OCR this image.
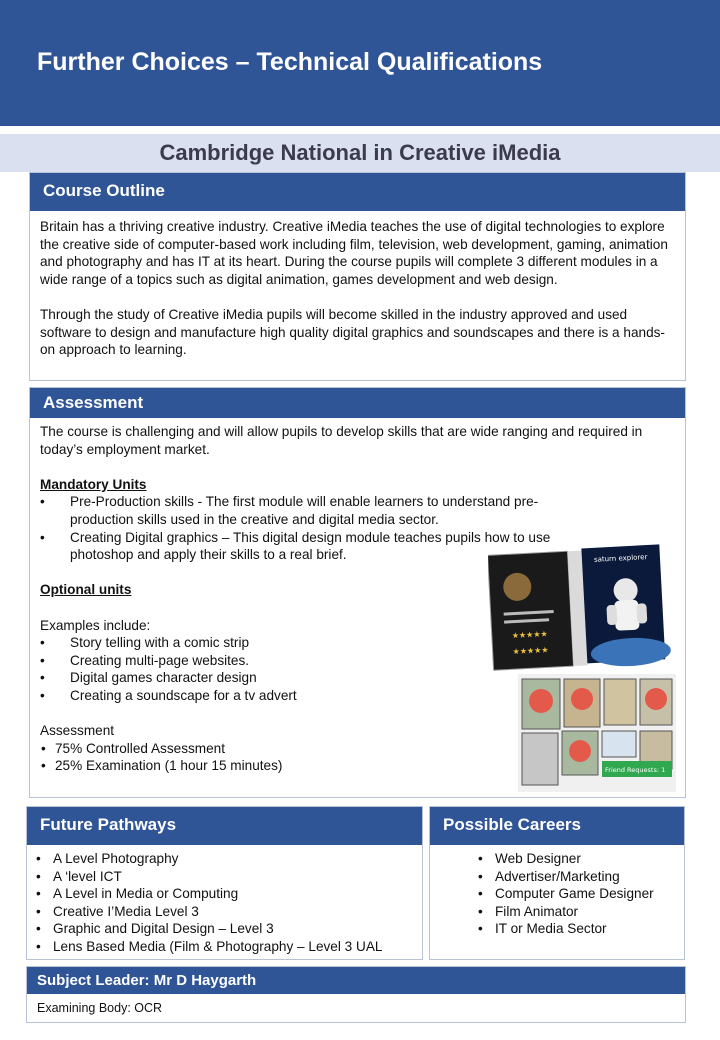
Further Choices – Technical Qualifications
Cambridge National in Creative iMedia
Course Outline

Britain has a thriving creative industry. Creative iMedia teaches the use of digital technologies to explore the creative side of computer-based work including film, television, web development, gaming, animation and photography and has IT at its heart. During the course pupils will complete 3 different modules in a wide range of a topics such as digital animation, games development and web design.

Through the study of Creative iMedia pupils will become skilled in the industry approved and used software to design and manufacture high quality digital graphics and soundscapes and there is a hands-on approach to learning.

Assessment
The course is challenging and will allow pupils to develop skills that are wide ranging and required in today’s employment market.
Mandatory Units
• Pre-Production skills - The first module will enable learners to understand pre-production skills used in the creative and digital media sector.
• Creating Digital graphics – This digital design module teaches pupils how to use photoshop and apply their skills to a real brief.
Optional units
Examples include:
• Story telling with a comic strip
• Creating multi-page websites.
• Digital games character design
• Creating a soundscape for a tv advert
Assessment
• 75% Controlled Assessment
• 25% Examination (1 hour 15 minutes)
★★★★★
★★★★★
saturn explorer
Friend Requests: 1
Future Pathways
• A Level Photography
• A ‘level ICT
• A Level in Media or Computing
• Creative I’Media Level 3
• Graphic and Digital Design – Level 3
• Lens Based Media (Film & Photography – Level 3 UAL
Possible Careers
• Web Designer
• Advertiser/Marketing
• Computer Game Designer
• Film Animator
• IT or Media Sector
Subject Leader: Mr D Haygarth
Examining Body: OCR
